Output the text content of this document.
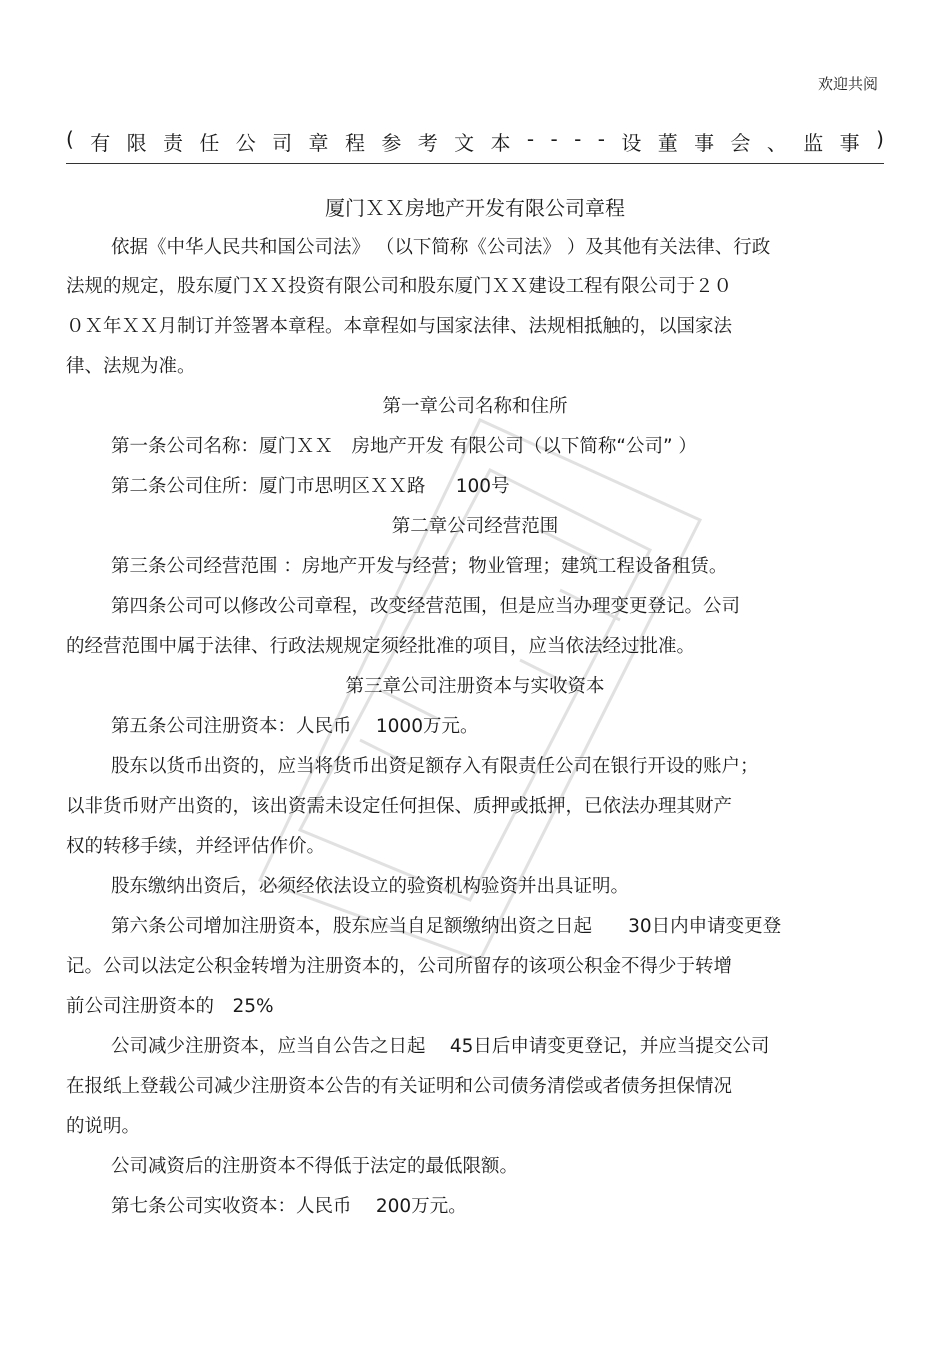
欢迎共阅
( 有 限 责 任 公 司 章 程 参 考 文 本 - - - - 设 董 事 会 、 监 事 )
厦门ＸＸ房地产开发有限公司章程
依据《中华人民共和国公司法》 （以下简称《公司法》 ）及其他有关法律、行政
法规的规定，股东厦门ＸＸ投资有限公司和股东厦门ＸＸ建设工程有限公司于２０
０Ｘ年ＸＸ月制订并签署本章程。本章程如与国家法律、法规相抵触的，以国家法
律、法规为准。
第一章公司名称和住所
第一条公司名称：厦门ＸＸ　房地产开发 有限公司（以下简称“公司” ）
第二条公司住所：厦门市思明区ＸＸ路　  100号
第二章公司经营范围
第三条公司经营范围 ：房地产开发与经营；物业管理；建筑工程设备租赁。
第四条公司可以修改公司章程，改变经营范围，但是应当办理变更登记。公司
的经营范围中属于法律、行政法规规定须经批准的项目，应当依法经过批准。
第三章公司注册资本与实收资本
第五条公司注册资本：人民币　 1000万元。
股东以货币出资的，应当将货币出资足额存入有限责任公司在银行开设的账户；
以非货币财产出资的，该出资需未设定任何担保、质押或抵押，已依法办理其财产
权的转移手续，并经评估作价。
股东缴纳出资后，必须经依法设立的验资机构验资并出具证明。
第六条公司增加注册资本，股东应当自足额缴纳出资之日起　   30日内申请变更登
记。公司以法定公积金转增为注册资本的，公司所留存的该项公积金不得少于转增
前公司注册资本的　25%
公司减少注册资本，应当自公告之日起　 45日后申请变更登记，并应当提交公司
在报纸上登载公司减少注册资本公告的有关证明和公司债务清偿或者债务担保情况
的说明。
公司减资后的注册资本不得低于法定的最低限额。
第七条公司实收资本：人民币　 200万元。
